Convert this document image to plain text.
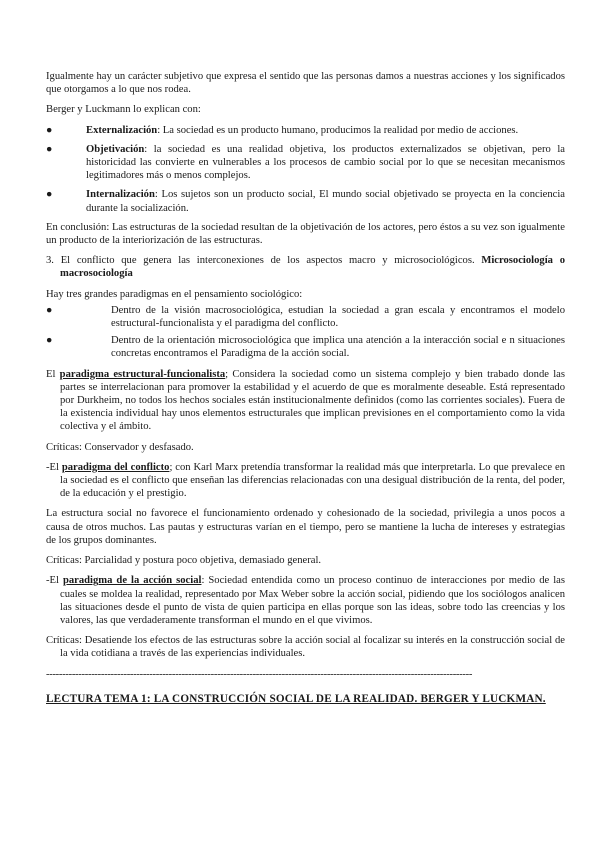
Igualmente hay un carácter subjetivo que expresa el sentido que las personas damos a nuestras acciones y los significados que otorgamos a lo que nos rodea.

Berger y Luckmann lo explican con:

●	Externalización: La sociedad es un producto humano, producimos la realidad por medio de acciones.
●	Objetivación: la sociedad es una realidad objetiva, los productos externalizados se objetivan, pero la historicidad las convierte en vulnerables a los procesos de cambio social por lo que se necesitan mecanismos legitimadores más o menos complejos.
●	Internalización: Los sujetos son un producto social, El mundo social objetivado se proyecta en la conciencia durante la socialización.

En conclusión: Las estructuras de la sociedad resultan de la objetivación de los actores, pero éstos a su vez son igualmente un producto de la interiorización de las estructuras.

3. El conflicto que genera las interconexiones de los aspectos macro y microsociológicos. Microsociología o macrosociología

Hay tres grandes paradigmas en el pensamiento sociológico:

●	Dentro de la visión macrosociológica, estudian la sociedad a gran escala y encontramos el modelo estructural-funcionalista y el paradigma del conflicto.
●	Dentro de la orientación microsociológica que implica una atención a la interacción social e n situaciones concretas encontramos el Paradigma de la acción social.

El paradigma estructural-funcionalista; Considera la sociedad como un sistema complejo y bien trabado donde las partes se interrelacionan para promover la estabilidad y el acuerdo de que es moralmente deseable. Está representado por Durkheim, no todos los hechos sociales están institucionalmente definidos (como las corrientes sociales). Fuera de la existencia individual hay unos elementos estructurales que implican previsiones en el comportamiento como la vida colectiva y el ámbito.

Críticas: Conservador y desfasado.

-El paradigma del conflicto; con Karl Marx pretendía transformar la realidad más que interpretarla. Lo que prevalece en la sociedad es el conflicto que enseñan las diferencias relacionadas con una desigual distribución de la renta, del poder, de la educación y el prestigio.

La estructura social no favorece el funcionamiento ordenado y cohesionado de la sociedad, privilegia a unos pocos a causa de otros muchos. Las pautas y estructuras varían en el tiempo, pero se mantiene la lucha de intereses y estrategias de los grupos dominantes.

Críticas: Parcialidad y postura poco objetiva, demasiado general.

-El paradigma de la acción social: Sociedad entendida como un proceso continuo de interacciones por medio de las cuales se moldea la realidad, representado por Max Weber sobre la acción social, pidiendo que los sociólogos analicen las situaciones desde el punto de vista de quien participa en ellas porque son las ideas, sobre todo las creencias y los valores, las que verdaderamente transforman el mundo en el que vivimos.

Críticas: Desatiende los efectos de las estructuras sobre la acción social al focalizar su interés en la construcción social de la vida cotidiana a través de las experiencias individuales.

------------------------------------------------------------------------------------------------------------------------------------
LECTURA TEMA 1: LA CONSTRUCCIÓN SOCIAL DE LA REALIDAD. BERGER Y LUCKMAN.
